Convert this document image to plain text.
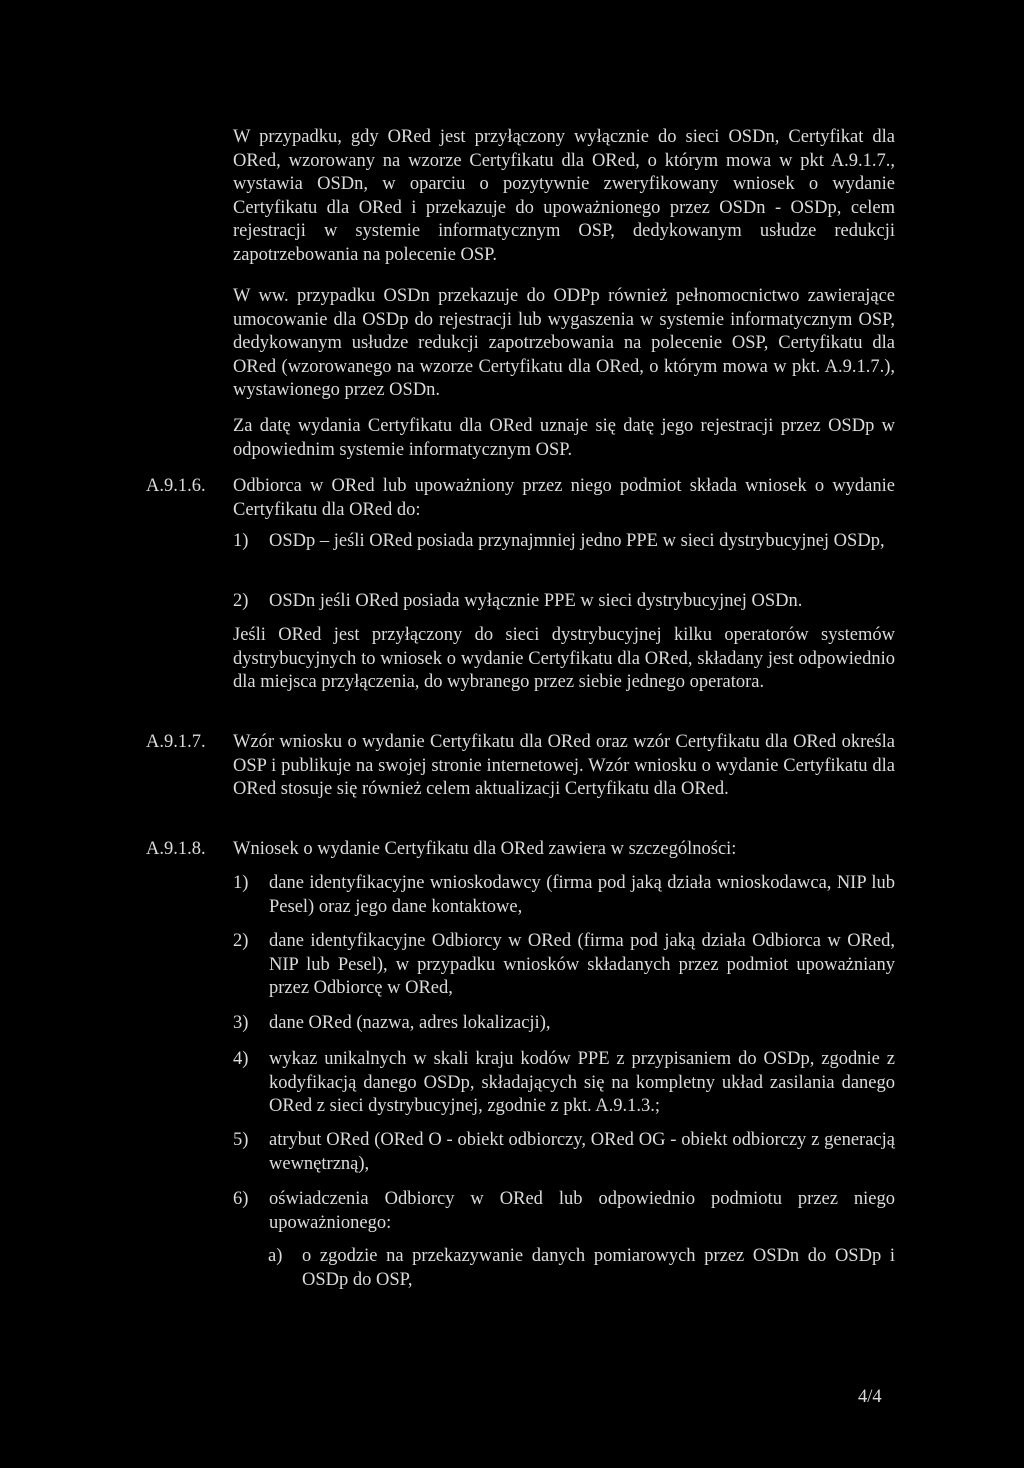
W przypadku, gdy ORed jest przyłączony wyłącznie do sieci OSDn, Certyfikat dla ORed, wzorowany na wzorze Certyfikatu dla ORed, o którym mowa w pkt A.9.1.7., wystawia OSDn, w oparciu o pozytywnie zweryfikowany wniosek o wydanie Certyfikatu dla ORed i przekazuje do upoważnionego przez OSDn - OSDp, celem rejestracji w systemie informatycznym OSP, dedykowanym usłudze redukcji zapotrzebowania na polecenie OSP.
W ww. przypadku OSDn przekazuje do ODPp również pełnomocnictwo zawierające umocowanie dla OSDp do rejestracji lub wygaszenia w systemie informatycznym OSP, dedykowanym usłudze redukcji zapotrzebowania na polecenie OSP, Certyfikatu dla ORed (wzorowanego na wzorze Certyfikatu dla ORed, o którym mowa w pkt. A.9.1.7.), wystawionego przez OSDn.
Za datę wydania Certyfikatu dla ORed uznaje się datę jego rejestracji przez OSDp w odpowiednim systemie informatycznym OSP.
A.9.1.6. Odbiorca w ORed lub upoważniony przez niego podmiot składa wniosek o wydanie Certyfikatu dla ORed do:
1) OSDp – jeśli ORed posiada przynajmniej jedno PPE w sieci dystrybucyjnej OSDp,
2) OSDn jeśli ORed posiada wyłącznie PPE w sieci dystrybucyjnej OSDn.
Jeśli ORed jest przyłączony do sieci dystrybucyjnej kilku operatorów systemów dystrybucyjnych to wniosek o wydanie Certyfikatu dla ORed, składany jest odpowiednio dla miejsca przyłączenia, do wybranego przez siebie jednego operatora.
A.9.1.7. Wzór wniosku o wydanie Certyfikatu dla ORed oraz wzór Certyfikatu dla ORed określa OSP i publikuje na swojej stronie internetowej. Wzór wniosku o wydanie Certyfikatu dla ORed stosuje się również celem aktualizacji Certyfikatu dla ORed.
A.9.1.8. Wniosek o wydanie Certyfikatu dla ORed zawiera w szczególności:
1) dane identyfikacyjne wnioskodawcy (firma pod jaką działa wnioskodawca, NIP lub Pesel) oraz jego dane kontaktowe,
2) dane identyfikacyjne Odbiorcy w ORed (firma pod jaką działa Odbiorca w ORed, NIP lub Pesel), w przypadku wniosków składanych przez podmiot upoważniany przez Odbiorcę w ORed,
3) dane ORed (nazwa, adres lokalizacji),
4) wykaz unikalnych w skali kraju kodów PPE z przypisaniem do OSDp, zgodnie z kodyfikacją danego OSDp, składających się na kompletny układ zasilania danego ORed z sieci dystrybucyjnej, zgodnie z pkt. A.9.1.3.;
5) atrybut ORed (ORed O - obiekt odbiorczy, ORed OG - obiekt odbiorczy z generacją wewnętrzną),
6) oświadczenia Odbiorcy w ORed lub odpowiednio podmiotu przez niego upoważnionego:
a) o zgodzie na przekazywanie danych pomiarowych przez OSDn do OSDp i OSDp do OSP,
4/4
